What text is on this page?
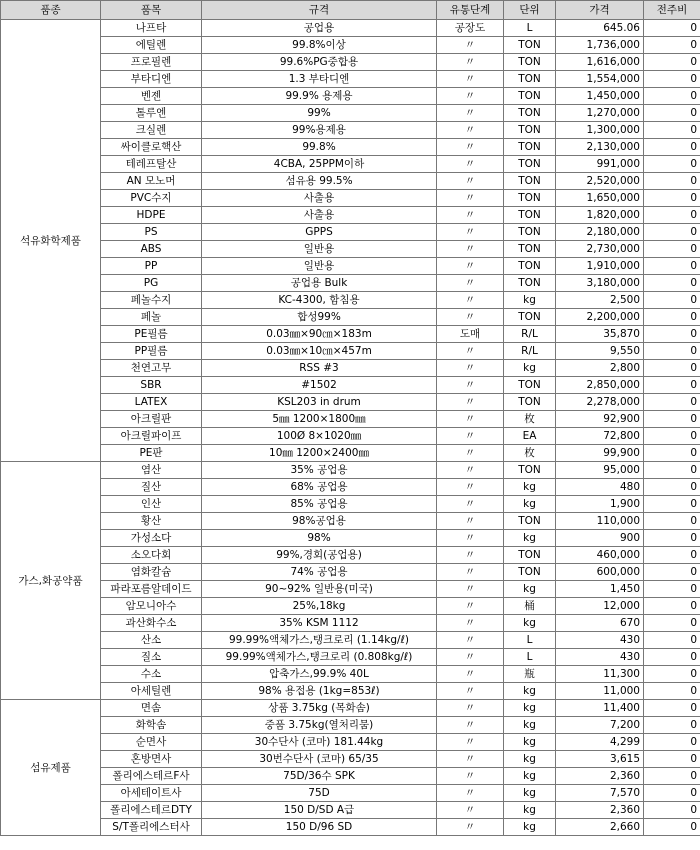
품종	품목	규격	유통단계	단위	가격	전주비
석유화학제품	나프타	공업용	공장도	L	645.06	0
	에틸렌	99.8%이상	〃	TON	1,736,000	0
	프로필렌	99.6%PG중합용	〃	TON	1,616,000	0
	부타디엔	1.3 부타디엔	〃	TON	1,554,000	0
	벤젠	99.9% 용제용	〃	TON	1,450,000	0
	톨루엔	99%	〃	TON	1,270,000	0
	크실렌	99%용제용	〃	TON	1,300,000	0
	싸이클로핵산	99.8%	〃	TON	2,130,000	0
	테레프탈산	4CBA, 25PPM이하	〃	TON	991,000	0
	AN 모노머	섬유용 99.5%	〃	TON	2,520,000	0
	PVC수지	사출용	〃	TON	1,650,000	0
	HDPE	사출용	〃	TON	1,820,000	0
	PS	GPPS	〃	TON	2,180,000	0
	ABS	일반용	〃	TON	2,730,000	0
	PP	일반용	〃	TON	1,910,000	0
	PG	공업용 Bulk	〃	TON	3,180,000	0
	페놀수지	KC-4300, 함침용	〃	kg	2,500	0
	페놀	합성99%	〃	TON	2,200,000	0
	PE필름	0.03㎜×90㎝×183m	도매	R/L	35,870	0
	PP필름	0.03㎜×10㎝×457m	〃	R/L	9,550	0
	천연고무	RSS #3	〃	kg	2,800	0
	SBR	#1502	〃	TON	2,850,000	0
	LATEX	KSL203 in drum	〃	TON	2,278,000	0
	아크릴판	5㎜ 1200×1800㎜	〃	枚	92,900	0
	아크릴파이프	100Ø 8×1020㎜	〃	EA	72,800	0
	PE판	10㎜ 1200×2400㎜	〃	枚	99,900	0
가스,화공약품	염산	35% 공업용	〃	TON	95,000	0
	질산	68% 공업용	〃	kg	480	0
	인산	85% 공업용	〃	kg	1,900	0
	황산	98%공업용	〃	TON	110,000	0
	가성소다	98%	〃	kg	900	0
	소오다회	99%,경회(공업용)	〃	TON	460,000	0
	염화칼슘	74% 공업용	〃	TON	600,000	0
	파라포름알데이드	90~92% 일반용(미국)	〃	kg	1,450	0
	암모니아수	25%,18kg	〃	桶	12,000	0
	과산화수소	35% KSM 1112	〃	kg	670	0
	산소	99.99%액체가스,탱크로리 (1.14kg/ℓ)	〃	L	430	0
	질소	99.99%액체가스,탱크로리 (0.808kg/ℓ)	〃	L	430	0
	수소	압축가스,99.9% 40L	〃	瓶	11,300	0
	아세틸렌	98% 용접용 (1kg=853ℓ)	〃	kg	11,000	0
섬유제품	면솜	상품 3.75kg (목화솜)	〃	kg	11,400	0
	화학솜	중품 3.75kg(열처리뭄)	〃	kg	7,200	0
	순면사	30수단사 (코마) 181.44kg	〃	kg	4,299	0
	혼방면사	30번수단사 (코마) 65/35	〃	kg	3,615	0
	폴리에스테르F사	75D/36수 SPK	〃	kg	2,360	0
	아세테이트사	75D	〃	kg	7,570	0
	폴리에스테르DTY	150 D/SD A급	〃	kg	2,360	0
	S/T폴리에스터사	150 D/96 SD	〃	kg	2,660	0
